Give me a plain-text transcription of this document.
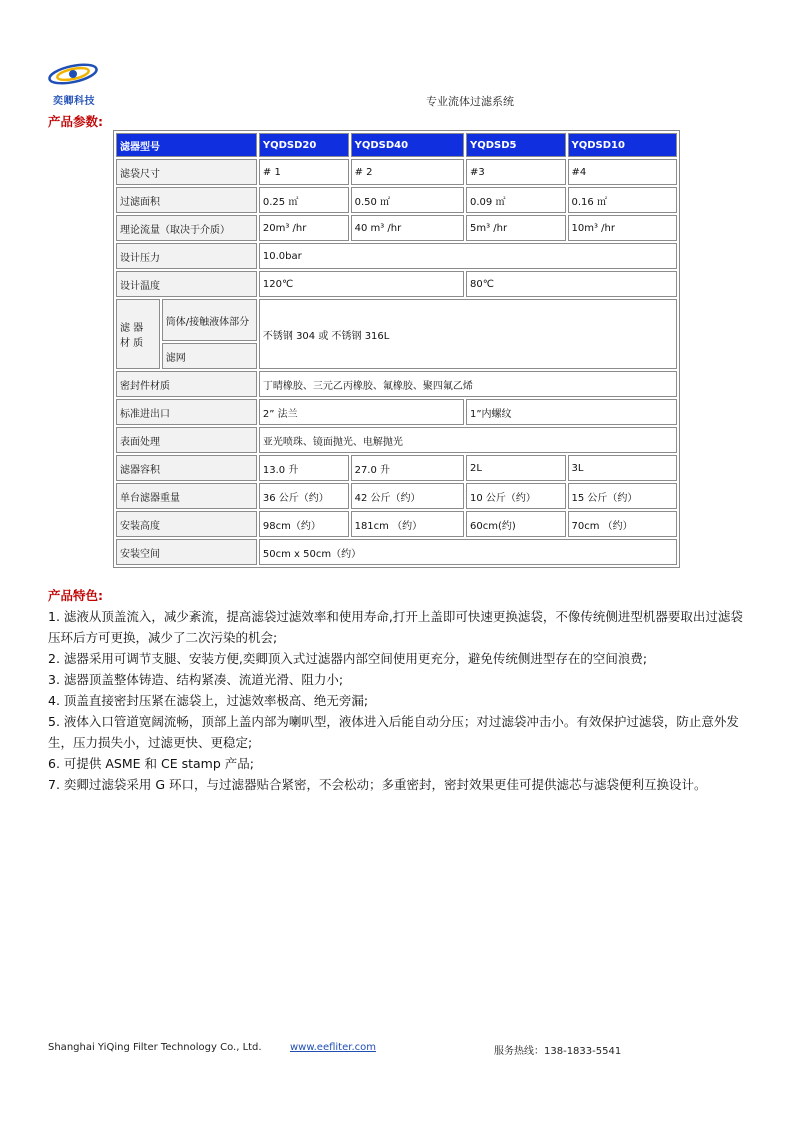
奕卿科技	专业流体过滤系统
产品参数:
滤器型号		YQDSD20	YQDSD40	YQDSD5	YQDSD10
滤袋尺寸		# 1	# 2	#3	#4
过滤面积		0.25 ㎡	0.50 ㎡	0.09 ㎡	0.16 ㎡
理论流量（取决于介质）		20m³ /hr	40 m³ /hr	5m³ /hr	10m³ /hr
设计压力		10.0bar			
设计温度		120℃		80℃	
滤 器 材 质	筒体/接触液体部分	不锈钢 304 或 不锈钢 316L			
	滤网				
密封件材质		丁晴橡胶、三元乙丙橡胶、氟橡胶、聚四氟乙烯			
标准进出口		2” 法兰		1”内螺纹	
表面处理		亚光喷珠、镜面抛光、电解抛光			
滤器容积		13.0 升	27.0 升	2L	3L
单台滤器重量		36 公斤（约）	42 公斤（约）	10 公斤（约）	15 公斤（约）
安装高度		98cm（约）	181cm （约）	60cm(约)	70cm （约）
安装空间		50cm x 50cm（约）			
产品特色:

1. 滤液从顶盖流入，减少紊流，提高滤袋过滤效率和使用寿命,打开上盖即可快速更换滤袋，不像传统侧进型机器要取出过滤袋压环后方可更换，减少了二次污染的机会;

2. 滤器采用可调节支腿、安装方便,奕卿顶入式过滤器内部空间使用更充分，避免传统侧进型存在的空间浪费;

3. 滤器顶盖整体铸造、结构紧凑、流道光滑、阻力小;

4. 顶盖直接密封压紧在滤袋上，过滤效率极高、绝无旁漏;

5. 液体入口管道宽阔流畅，顶部上盖内部为喇叭型，液体进入后能自动分压；对过滤袋冲击小。有效保护过滤袋，防止意外发生，压力损失小，过滤更快、更稳定;

6. 可提供 ASME 和 CE stamp 产品;

7. 奕卿过滤袋采用 G 环口，与过滤器贴合紧密，不会松动；多重密封，密封效果更佳可提供滤芯与滤袋便利互换设计。

Shanghai YiQing Filter Technology Co., Ltd.	www.eefliter.com	服务热线：138-1833-5541
